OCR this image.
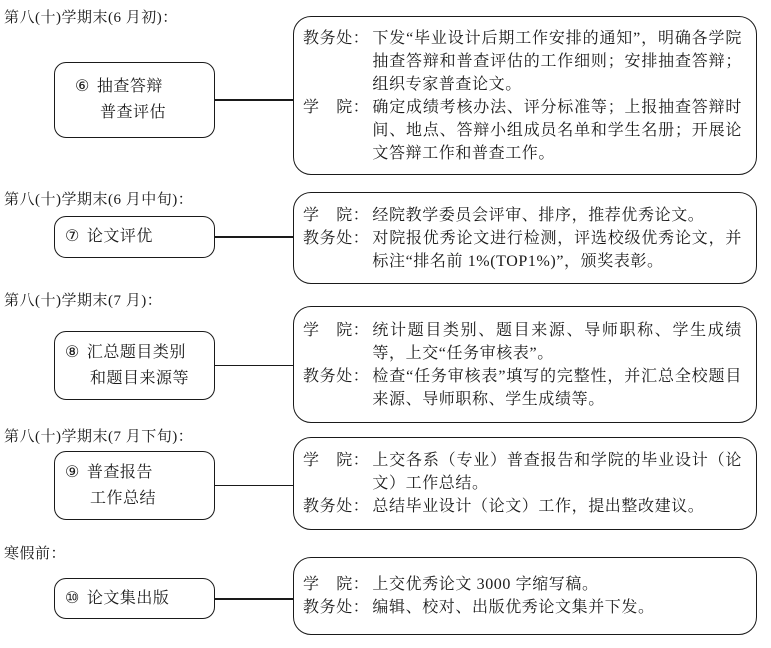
第八(十)学期末(6 月初)：
⑥ 抽查答辩
普查评估
教务处： 下发“毕业设计后期工作安排的通知”，明确各学院抽查答辩和普查评估的工作细则；安排抽查答辩；组织专家普查论文。
学　院： 确定成绩考核办法、评分标准等；上报抽查答辩时间、地点、答辩小组成员名单和学生名册；开展论文答辩工作和普查工作。
第八(十)学期末(6 月中旬)：
⑦ 论文评优
学　院： 经院教学委员会评审、排序，推荐优秀论文。
教务处： 对院报优秀论文进行检测，评选校级优秀论文，并标注“排名前 1%(TOP1%)”，颁奖表彰。
第八(十)学期末(7 月)：
⑧ 汇总题目类别
和题目来源等
学　院： 统计题目类别、题目来源、导师职称、学生成绩等，上交“任务审核表”。
教务处： 检查“任务审核表”填写的完整性，并汇总全校题目来源、导师职称、学生成绩等。
第八(十)学期末(7 月下旬)：
⑨ 普查报告
工作总结
学　院： 上交各系（专业）普查报告和学院的毕业设计（论文）工作总结。
教务处： 总结毕业设计（论文）工作，提出整改建议。
寒假前：
⑩ 论文集出版
学　院： 上交优秀论文 3000 字缩写稿。
教务处： 编辑、校对、出版优秀论文集并下发。
